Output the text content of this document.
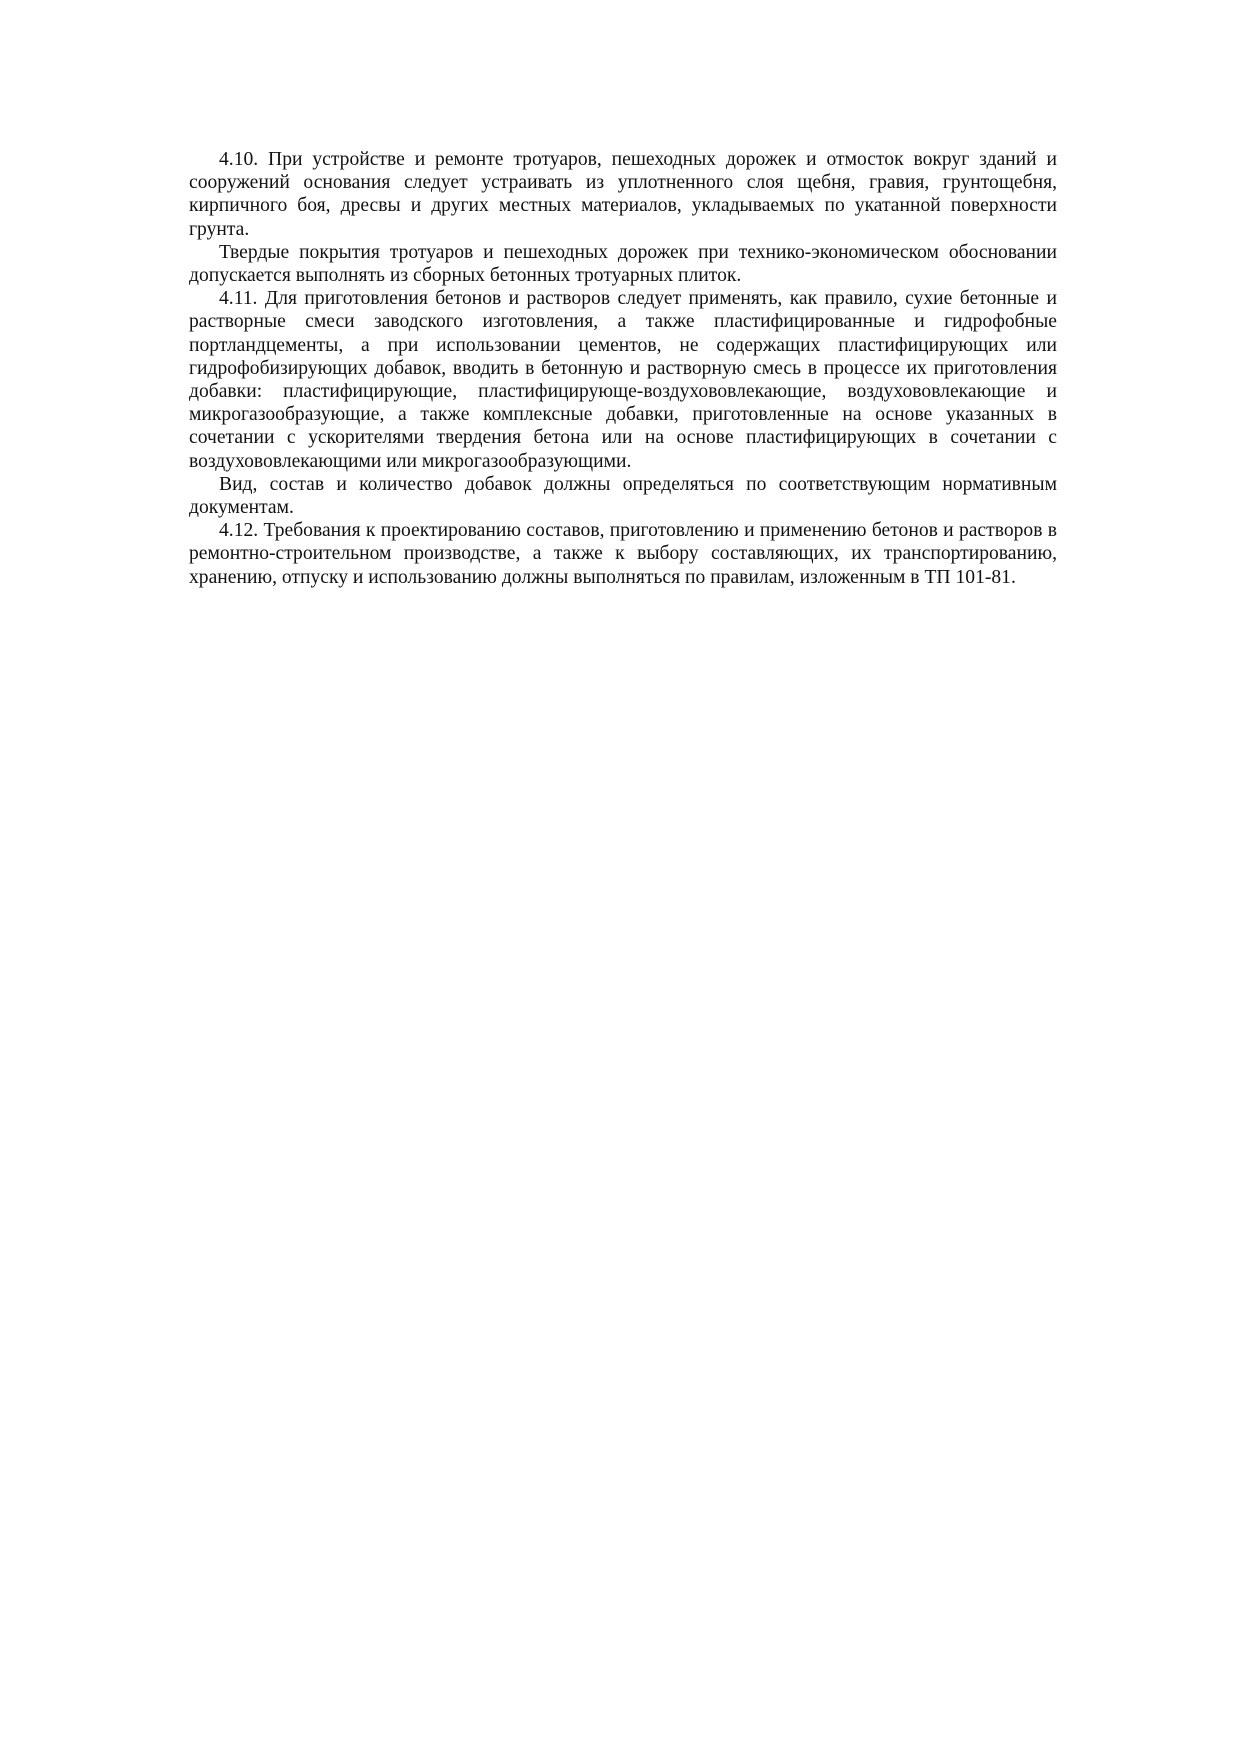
4.10. При устройстве и ремонте тротуаров, пешеходных дорожек и отмосток вокруг зданий и сооружений основания следует устраивать из уплотненного слоя щебня, гравия, грунтощебня, кирпичного боя, дресвы и других местных материалов, укладываемых по укатанной поверхности грунта.

Твердые покрытия тротуаров и пешеходных дорожек при технико-экономическом обосновании допускается выполнять из сборных бетонных тротуарных плиток.

4.11. Для приготовления бетонов и растворов следует применять, как правило, сухие бетонные и растворные смеси заводского изготовления, а также пластифицированные и гидрофобные портландцементы, а при использовании цементов, не содержащих пластифицирующих или гидрофобизирующих добавок, вводить в бетонную и растворную смесь в процессе их приготовления добавки: пластифицирующие, пластифицирующе-воздухововлекающие, воздухововлекающие и микрогазообразующие, а также комплексные добавки, приготовленные на основе указанных в сочетании с ускорителями твердения бетона или на основе пластифицирующих в сочетании с воздухововлекающими или микрогазообразующими.

Вид, состав и количество добавок должны определяться по соответствующим нормативным документам.

4.12. Требования к проектированию составов, приготовлению и применению бетонов и растворов в ремонтно-строительном производстве, а также к выбору составляющих, их транспортированию, хранению, отпуску и использованию должны выполняться по правилам, изложенным в ТП 101-81.
